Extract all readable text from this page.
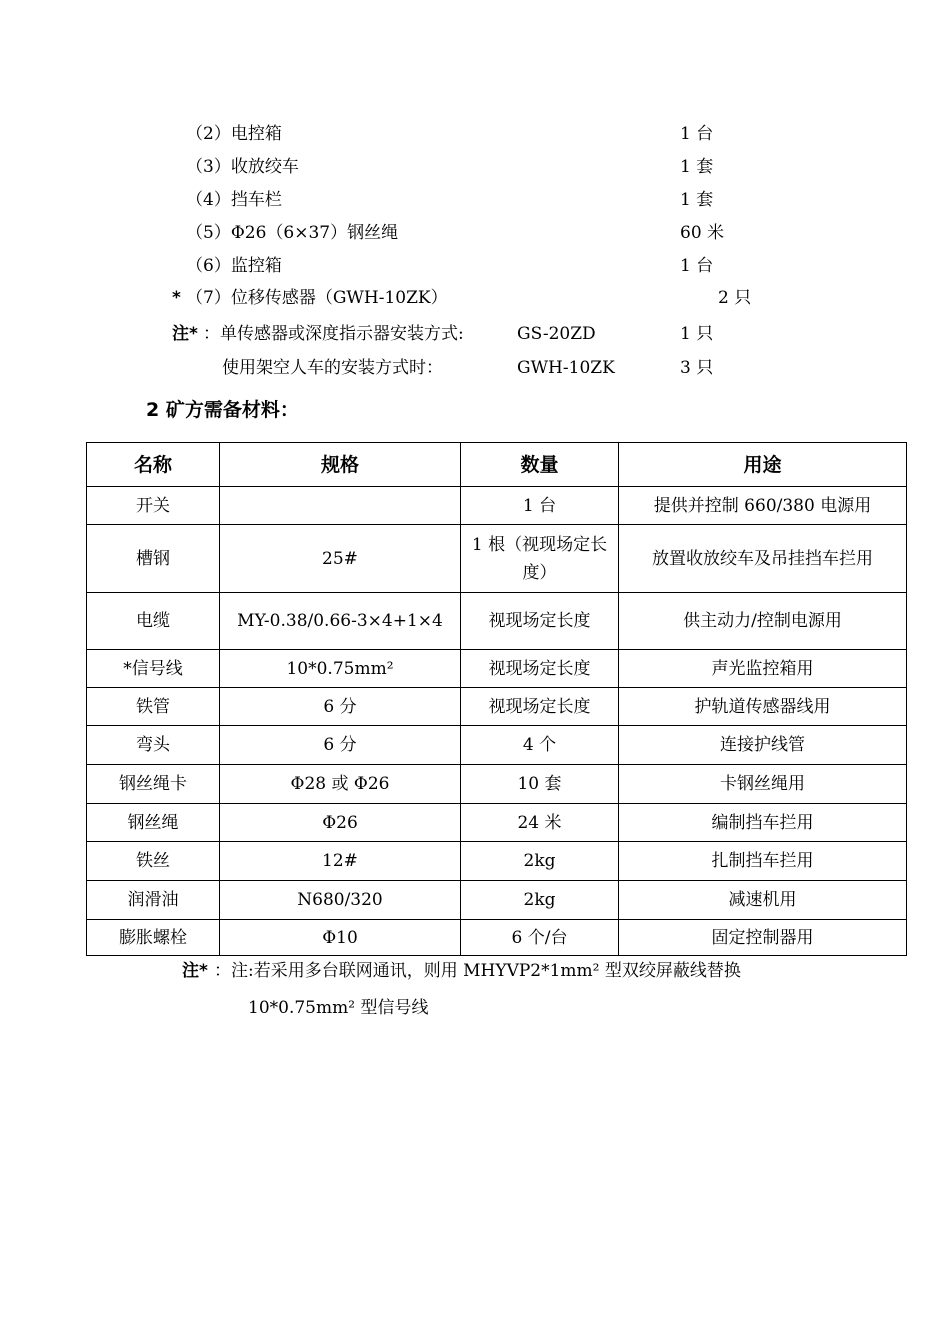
（2）电控箱	1 台
（3）收放绞车	1 套
（4）挡车栏	1 套
（5）Φ26（6×37）钢丝绳	60 米
（6）监控箱	1 台
* （7）位移传感器（GWH-10ZK）	2 只
注* ：单传感器或深度指示器安装方式:	GS-20ZD	1 只
使用架空人车的安装方式时：	GWH-10ZK	3 只
2 矿方需备材料：
名称	规格	数量	用途
开关		1 台	提供并控制 660/380 电源用
槽钢	25#	1 根（视现场定长度）	放置收放绞车及吊挂挡车拦用
电缆	MY-0.38/0.66-3×4+1×4	视现场定长度	供主动力/控制电源用
*信号线	10*0.75mm²	视现场定长度	声光监控箱用
铁管	6 分	视现场定长度	护轨道传感器线用
弯头	6 分	4 个	连接护线管
钢丝绳卡	Φ28 或 Φ26	10 套	卡钢丝绳用
钢丝绳	Φ26	24 米	编制挡车拦用
铁丝	12#	2kg	扎制挡车拦用
润滑油	N680/320	2kg	减速机用
膨胀螺栓	Φ10	6 个/台	固定控制器用
注* ：注:若采用多台联网通讯，则用 MHYVP2*1mm² 型双绞屏蔽线替换
10*0.75mm² 型信号线
